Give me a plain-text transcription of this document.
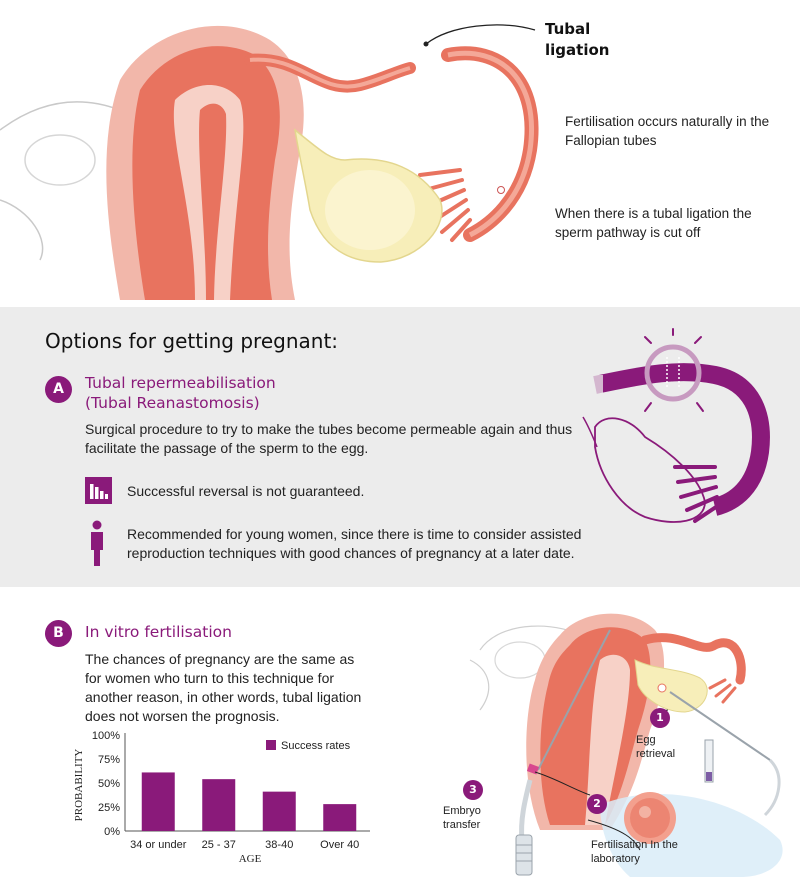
Tubal
ligation
Fertilisation occurs naturally in the Fallopian tubes
When there is a tubal ligation the sperm pathway is cut off
Options for getting pregnant:
A	Tubal repermeabilisation
(Tubal Reanastomosis)
Surgical procedure to try to make the tubes become permeable again and thus facilitate the passage of the sperm to the egg.
Successful reversal is not guaranteed.
Recommended for young women, since there is time to consider assisted reproduction techniques with good chances of pregnancy at a later date.
B	In vitro fertilisation
The chances of pregnancy are the same as for women who turn to this technique for another reason, in other words, tubal ligation does not worsen the prognosis.
0%
25%
50%
75%
100%
34 or under 25 - 37	38-40 Over 40
AGE
PROBABILITY
Success rates
1
Egg retrieval
2
Fertilisation In the laboratory
3
Embryo transfer
